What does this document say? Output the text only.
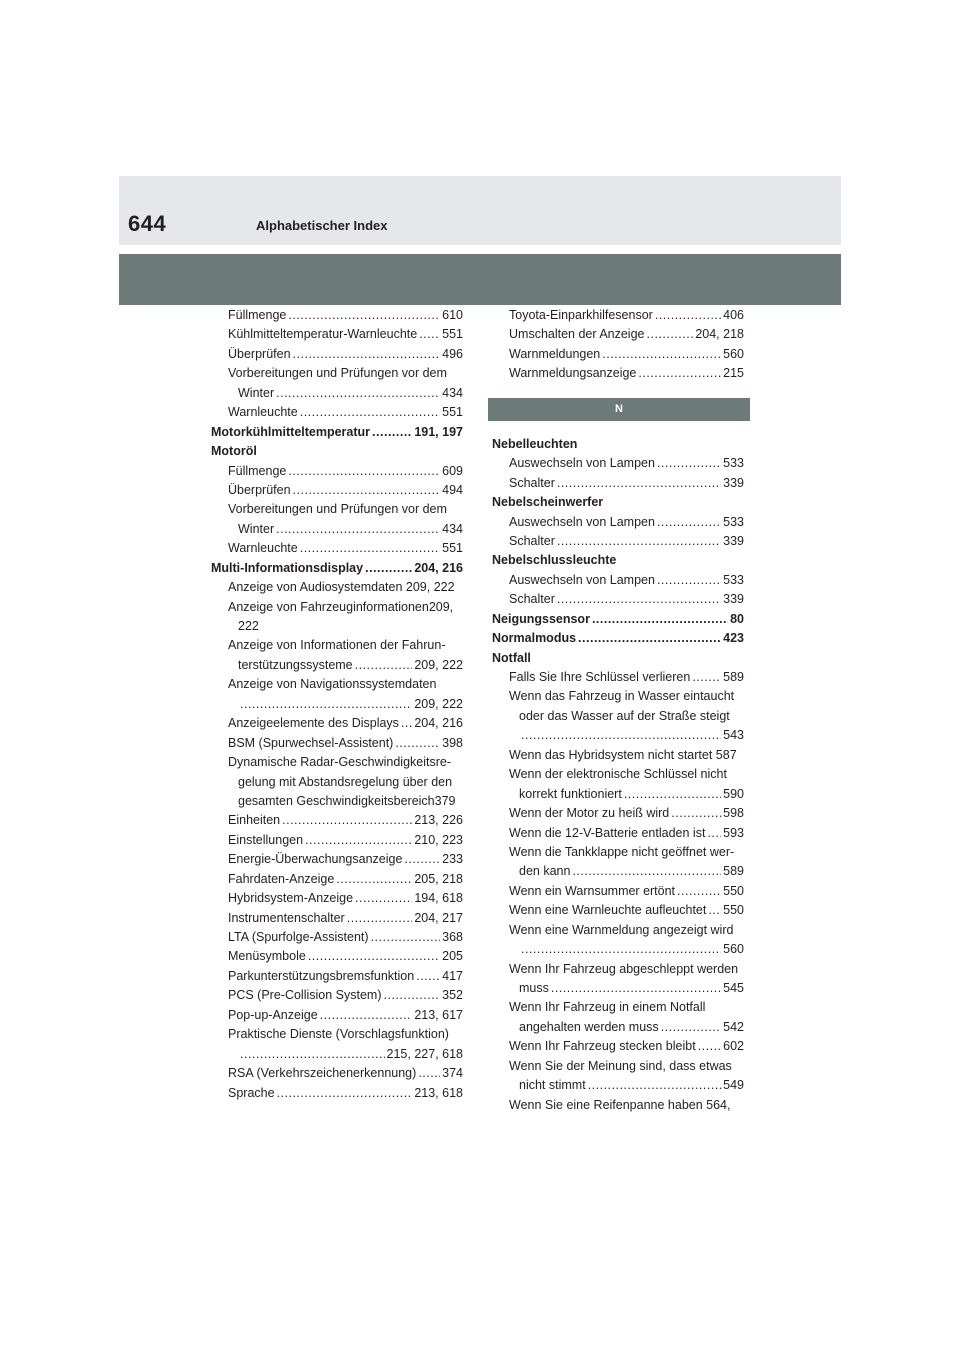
644	Alphabetischer Index
Füllmenge .....	610
Kühlmitteltemperatur-Warnleuchte ..... 551
Überprüfen .....	496
Vorbereitungen und Prüfungen vor dem
Winter .....	434
Warnleuchte .....	551
Motorkühlmitteltemperatur .....	191, 197
Motoröl
Füllmenge .....	609
Überprüfen .....	494
Vorbereitungen und Prüfungen vor dem
Winter .....	434
Warnleuchte .....	551
Multi-Informationsdisplay .....	204, 216
Anzeige von Audiosystemdaten 209, 222
Anzeige von Fahrzeuginformationen209,
222
Anzeige von Informationen der Fahrun-
terstützungssysteme .....	209, 222
Anzeige von Navigationssystemdaten
.....
209, 222
Anzeigeelemente des Displays ..... 204, 216
BSM (Spurwechsel-Assistent) .....	398
Dynamische Radar-Geschwindigkeitsre-
gelung mit Abstandsregelung über den
gesamten Geschwindigkeitsbereich379
Einheiten .....	213, 226
Einstellungen .....	210, 223
Energie-Überwachungsanzeige .....	233
Fahrdaten-Anzeige .....	205, 218
Hybridsystem-Anzeige .....	194, 618
Instrumentenschalter .....	204, 217
LTA (Spurfolge-Assistent) .....	368
Menüsymbole .....	205
Parkunterstützungsbremsfunktion ..... 417
PCS (Pre-Collision System) .....	352
Pop-up-Anzeige .....	213, 617
Praktische Dienste (Vorschlagsfunktion)
.....
215, 227, 618
RSA (Verkehrszeichenerkennung) ..... 374
Sprache .....	213, 618
Toyota-Einparkhilfesensor .....	406
Umschalten der Anzeige .....	204, 218
Warnmeldungen .....	560
Warnmeldungsanzeige .....	215
N
Nebelleuchten
Auswechseln von Lampen .....	533
Schalter .....	339
Nebelscheinwerfer
Auswechseln von Lampen .....	533
Schalter .....	339
Nebelschlussleuchte
Auswechseln von Lampen .....	533
Schalter .....	339
Neigungssensor .....	80
Normalmodus .....	423
Notfall
Falls Sie Ihre Schlüssel verlieren .....	589
Wenn das Fahrzeug in Wasser eintaucht
oder das Wasser auf der Straße steigt
.....
543
Wenn das Hybridsystem nicht startet 587
Wenn der elektronische Schlüssel nicht
korrekt funktioniert .....	590
Wenn der Motor zu heiß wird .....	598
Wenn die 12-V-Batterie entladen ist ..... 593
Wenn die Tankklappe nicht geöffnet wer-
den kann .....	589
Wenn ein Warnsummer ertönt .....	550
Wenn eine Warnleuchte aufleuchtet ..... 550
Wenn eine Warnmeldung angezeigt wird
.....
560
Wenn Ihr Fahrzeug abgeschleppt werden
muss .....	545
Wenn Ihr Fahrzeug in einem Notfall
angehalten werden muss .....	542
Wenn Ihr Fahrzeug stecken bleibt ..... 602
Wenn Sie der Meinung sind, dass etwas
nicht stimmt .....	549
Wenn Sie eine Reifenpanne haben 564,
